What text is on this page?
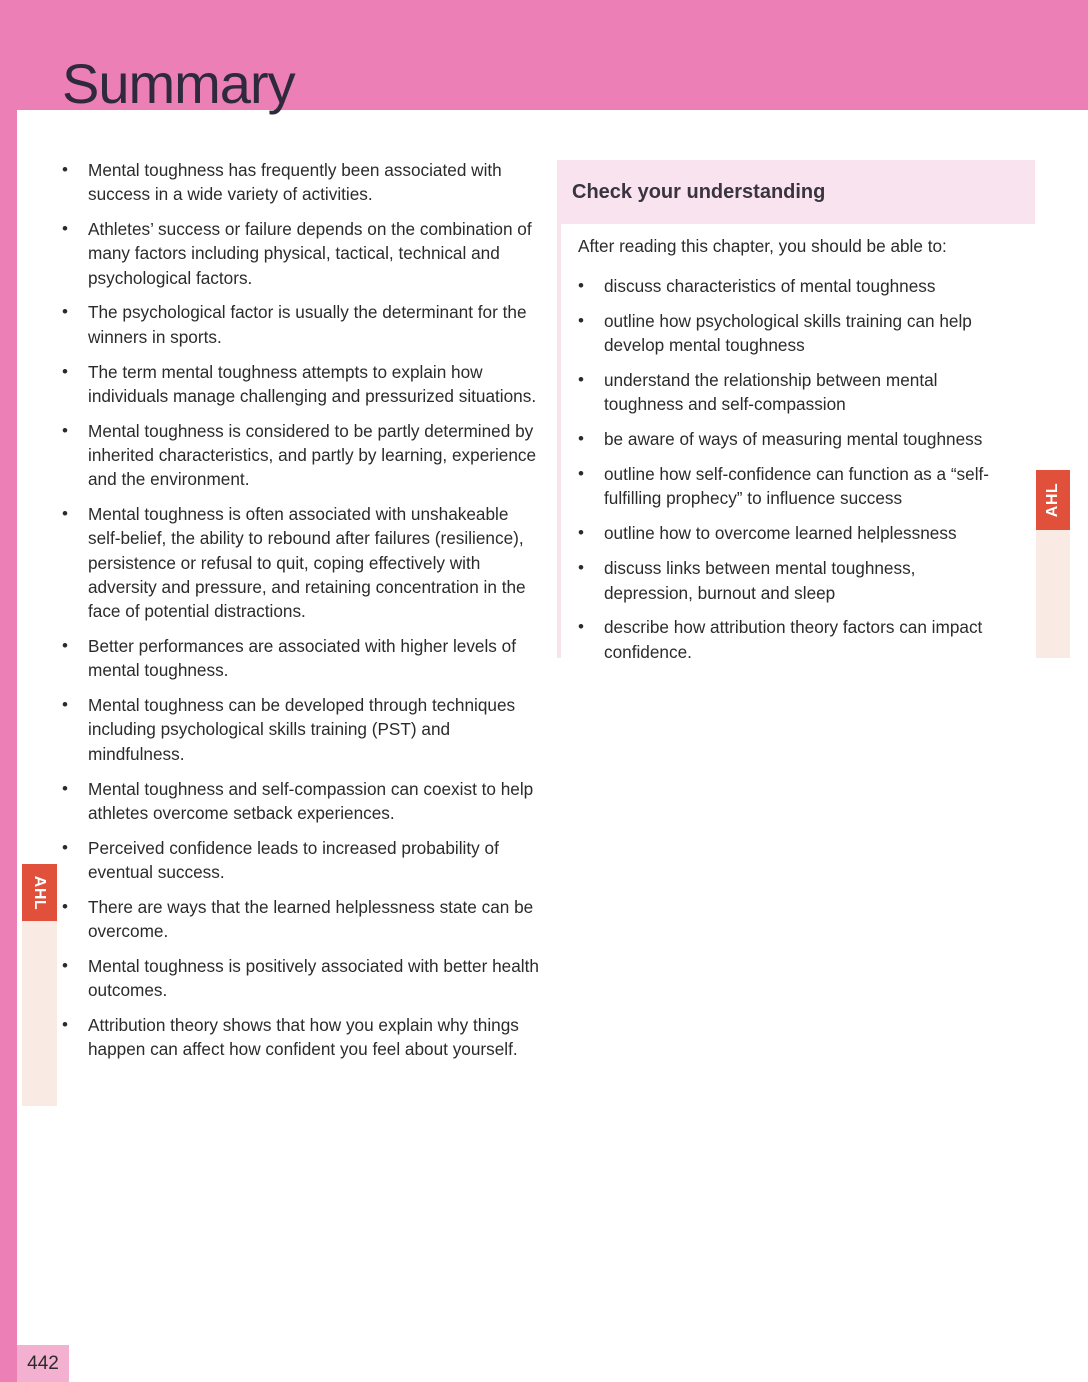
Summary
• Mental toughness has frequently been associated with success in a wide variety of activities.
• Athletes’ success or failure depends on the combination of many factors including physical, tactical, technical and psychological factors.
• The psychological factor is usually the determinant for the winners in sports.
• The term mental toughness attempts to explain how individuals manage challenging and pressurized situations.
• Mental toughness is considered to be partly determined by inherited characteristics, and partly by learning, experience and the environment.
• Mental toughness is often associated with unshakeable self-belief, the ability to rebound after failures (resilience), persistence or refusal to quit, coping effectively with adversity and pressure, and retaining concentration in the face of potential distractions.
• Better performances are associated with higher levels of mental toughness.
• Mental toughness can be developed through techniques including psychological skills training (PST) and mindfulness.
• Mental toughness and self-compassion can coexist to help athletes overcome setback experiences.
• Perceived confidence leads to increased probability of eventual success.
• There are ways that the learned helplessness state can be overcome.
• Mental toughness is positively associated with better health outcomes.
• Attribution theory shows that how you explain why things happen can affect how confident you feel about yourself.
Check your understanding
After reading this chapter, you should be able to:
• discuss characteristics of mental toughness
• outline how psychological skills training can help develop mental toughness
• understand the relationship between mental toughness and self-compassion
• be aware of ways of measuring mental toughness
• outline how self-confidence can function as a “self-fulfilling prophecy” to influence success
• outline how to overcome learned helplessness
• discuss links between mental toughness, depression, burnout and sleep
• describe how attribution theory factors can impact confidence.
AHL
AHL
442
